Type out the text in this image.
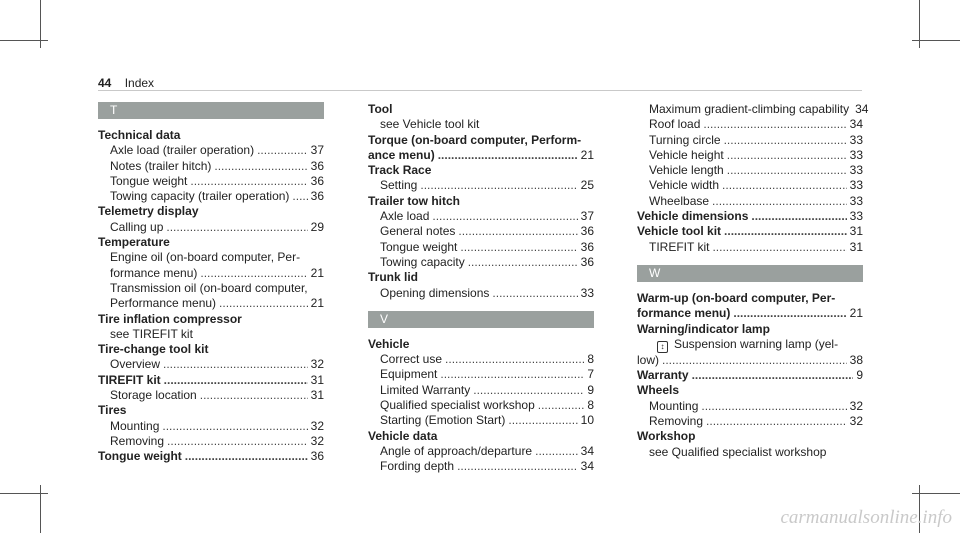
44 Index
T
Technical data
Axle load (trailer operation) .....	37
Notes (trailer hitch) .....	36
Tongue weight .....	36
Towing capacity (trailer operation) ..... 36
Telemetry display
Calling up .....	29
Temperature
Engine oil (on-board computer, Per-
formance menu) .....	21
Transmission oil (on-board computer,
Performance menu) .....	21
Tire inflation compressor
see TIREFIT kit
Tire-change tool kit
Overview .....	32
TIREFIT kit .....	31
Storage location .....	31
Tires
Mounting .....	32
Removing .....	32
Tongue weight .....	36
Tool
see Vehicle tool kit
Torque (on-board computer, Perform-
ance menu) .....	21
Track Race
Setting .....	25
Trailer tow hitch
Axle load .....	37
General notes .....	36
Tongue weight .....	36
Towing capacity .....	36
Trunk lid
Opening dimensions .....	33
V
Vehicle
Correct use .....	8
Equipment .....	7
Limited Warranty .....	9
Qualified specialist workshop .....	8
Starting (Emotion Start) .....	10
Vehicle data
Angle of approach/departure .....	34
Fording depth .....	34
Maximum gradient-climbing capability 34
Roof load .....	34
Turning circle .....	33
Vehicle height .....	33
Vehicle length .....	33
Vehicle width .....	33
Wheelbase .....	33
Vehicle dimensions .....	33
Vehicle tool kit .....	31
TIREFIT kit .....	31
W
Warm-up (on-board computer, Per-
formance menu) .....	21
Warning/indicator lamp
↕ Suspension warning lamp (yel-
low) .....	38
Warranty .....	9
Wheels
Mounting .....	32
Removing .....	32
Workshop
see Qualified specialist workshop
carmanualsonline.info
